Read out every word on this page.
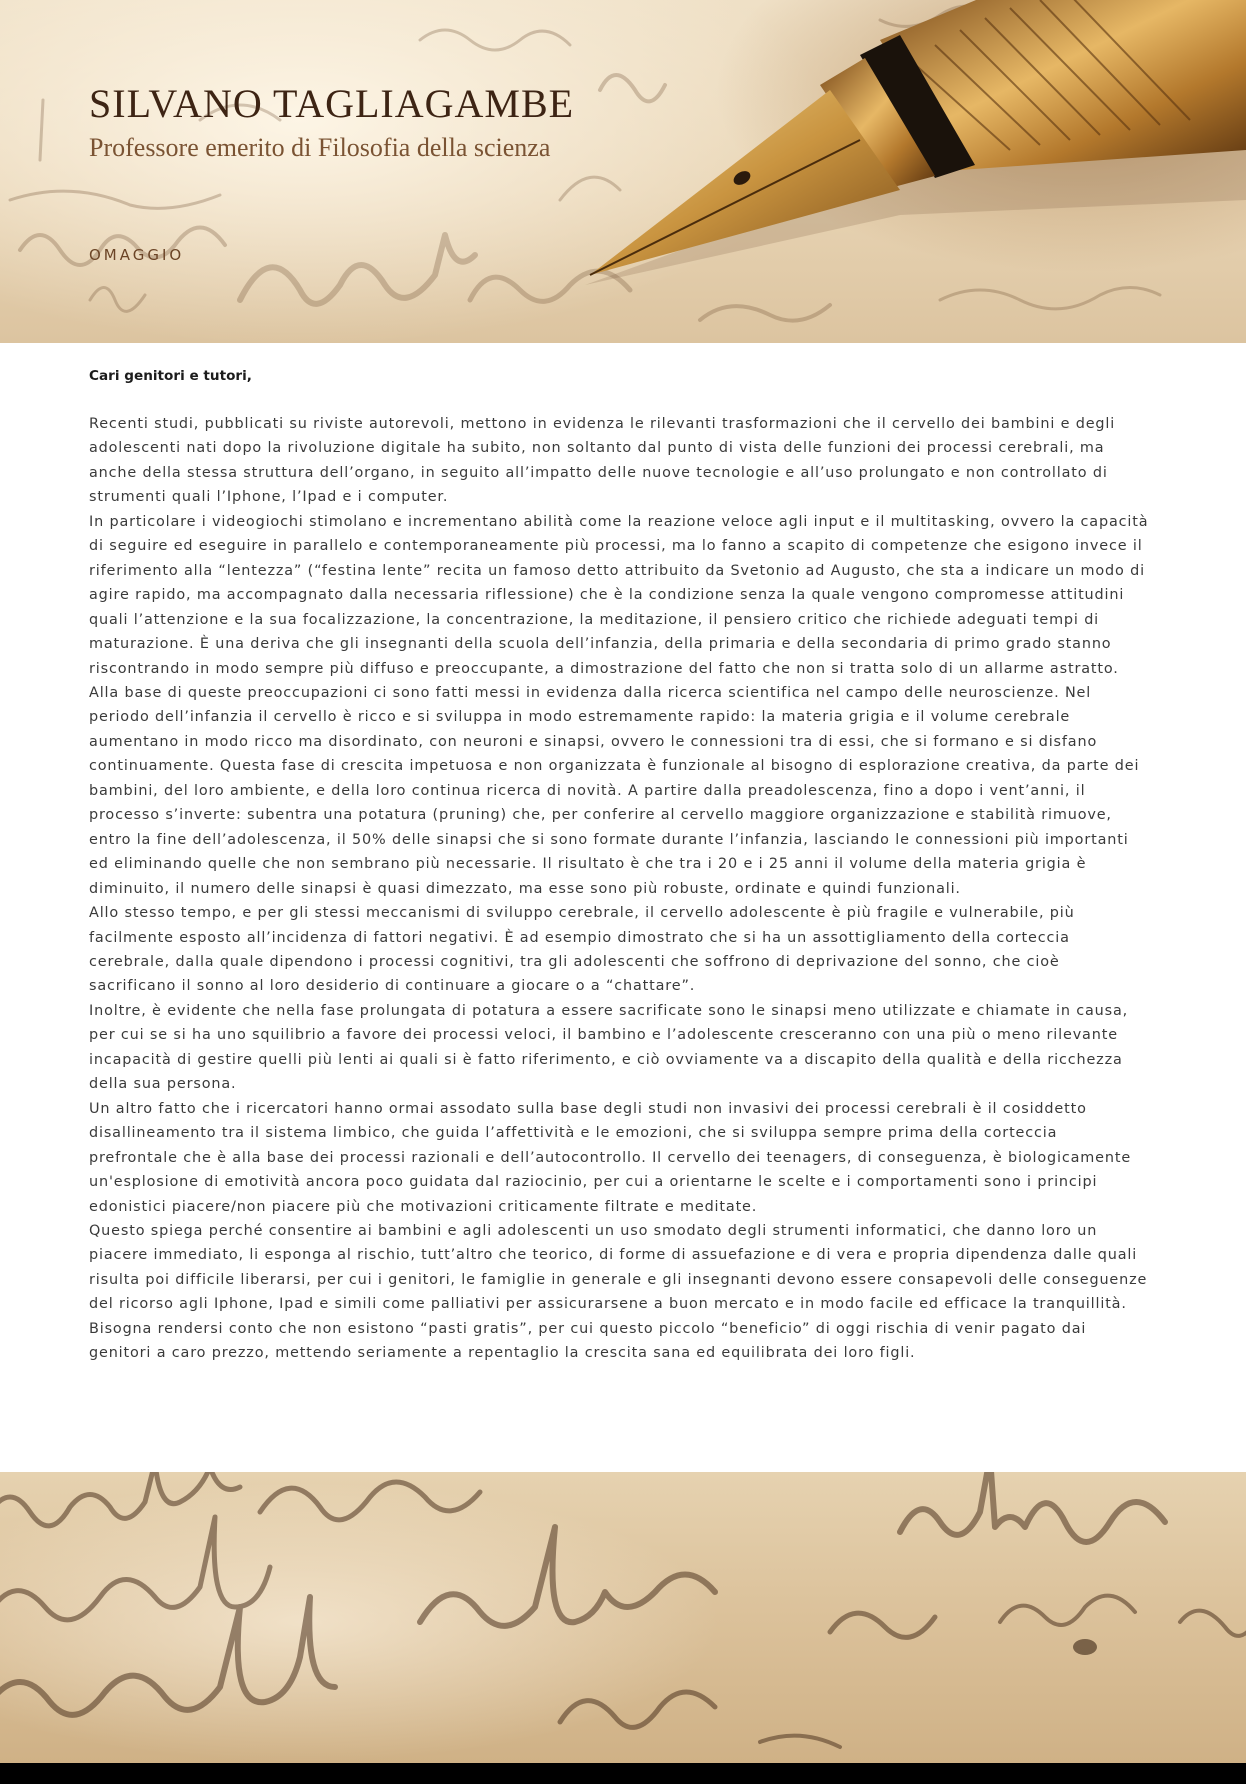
SILVANO TAGLIAGAMBE
Professore emerito di Filosofia della scienza
OMAGGIO

Cari genitori e tutori,

Recenti studi, pubblicati su riviste autorevoli, mettono in evidenza le rilevanti trasformazioni che il cervello dei bambini e degli adolescenti nati dopo la rivoluzione digitale ha subito, non soltanto dal punto di vista delle funzioni dei processi cerebrali, ma anche della stessa struttura dell’organo, in seguito all’impatto delle nuove tecnologie e all’uso prolungato e non controllato di strumenti quali l’Iphone, l’Ipad e i computer.

In particolare i videogiochi stimolano e incrementano abilità come la reazione veloce agli input e il multitasking, ovvero la capacità di seguire ed eseguire in parallelo e contemporaneamente più processi, ma lo fanno a scapito di competenze che esigono invece il riferimento alla “lentezza” (“festina lente” recita un famoso detto attribuito da Svetonio ad Augusto, che sta a indicare un modo di agire rapido, ma accompagnato dalla necessaria riflessione) che è la condizione senza la quale vengono compromesse attitudini quali l’attenzione e la sua focalizzazione, la concentrazione, la meditazione, il pensiero critico che richiede adeguati tempi di maturazione. È una deriva che gli insegnanti della scuola dell’infanzia, della primaria e della secondaria di primo grado stanno riscontrando in modo sempre più diffuso e preoccupante, a dimostrazione del fatto che non si tratta solo di un allarme astratto.

Alla base di queste preoccupazioni ci sono fatti messi in evidenza dalla ricerca scientifica nel campo delle neuroscienze. Nel periodo dell’infanzia il cervello è ricco e si sviluppa in modo estremamente rapido: la materia grigia e il volume cerebrale aumentano in modo ricco ma disordinato, con neuroni e sinapsi, ovvero le connessioni tra di essi, che si formano e si disfano continuamente. Questa fase di crescita impetuosa e non organizzata è funzionale al bisogno di esplorazione creativa, da parte dei bambini, del loro ambiente, e della loro continua ricerca di novità. A partire dalla preadolescenza, fino a dopo i vent’anni, il processo s’inverte: subentra una potatura (pruning) che, per conferire al cervello maggiore organizzazione e stabilità rimuove, entro la fine dell’adolescenza, il 50% delle sinapsi che si sono formate durante l’infanzia, lasciando le connessioni più importanti ed eliminando quelle che non sembrano più necessarie. Il risultato è che tra i 20 e i 25 anni il volume della materia grigia è diminuito, il numero delle sinapsi è quasi dimezzato, ma esse sono più robuste, ordinate e quindi funzionali.

Allo stesso tempo, e per gli stessi meccanismi di sviluppo cerebrale, il cervello adolescente è più fragile e vulnerabile, più facilmente esposto all’incidenza di fattori negativi. È ad esempio dimostrato che si ha un assottigliamento della corteccia cerebrale, dalla quale dipendono i processi cognitivi, tra gli adolescenti che soffrono di deprivazione del sonno, che cioè sacrificano il sonno al loro desiderio di continuare a giocare o a “chattare”.

Inoltre, è evidente che nella fase prolungata di potatura a essere sacrificate sono le sinapsi meno utilizzate e chiamate in causa, per cui se si ha uno squilibrio a favore dei processi veloci, il bambino e l’adolescente cresceranno con una più o meno rilevante incapacità di gestire quelli più lenti ai quali si è fatto riferimento, e ciò ovviamente va a discapito della qualità e della ricchezza della sua persona.

Un altro fatto che i ricercatori hanno ormai assodato sulla base degli studi non invasivi dei processi cerebrali è il cosiddetto disallineamento tra il sistema limbico, che guida l’affettività e le emozioni, che si sviluppa sempre prima della corteccia prefrontale che è alla base dei processi razionali e dell’autocontrollo. Il cervello dei teenagers, di conseguenza, è biologicamente un'esplosione di emotività ancora poco guidata dal raziocinio, per cui a orientarne le scelte e i comportamenti sono i principi edonistici piacere/non piacere più che motivazioni criticamente filtrate e meditate.

Questo spiega perché consentire ai bambini e agli adolescenti un uso smodato degli strumenti informatici, che danno loro un piacere immediato, li esponga al rischio, tutt’altro che teorico, di forme di assuefazione e di vera e propria dipendenza dalle quali risulta poi difficile liberarsi, per cui i genitori, le famiglie in generale e gli insegnanti devono essere consapevoli delle conseguenze del ricorso agli Iphone, Ipad e simili come palliativi per assicurarsene a buon mercato e in modo facile ed efficace la tranquillità. Bisogna rendersi conto che non esistono “pasti gratis”, per cui questo piccolo “beneficio” di oggi rischia di venir pagato dai genitori a caro prezzo, mettendo seriamente a repentaglio la crescita sana ed equilibrata dei loro figli.
